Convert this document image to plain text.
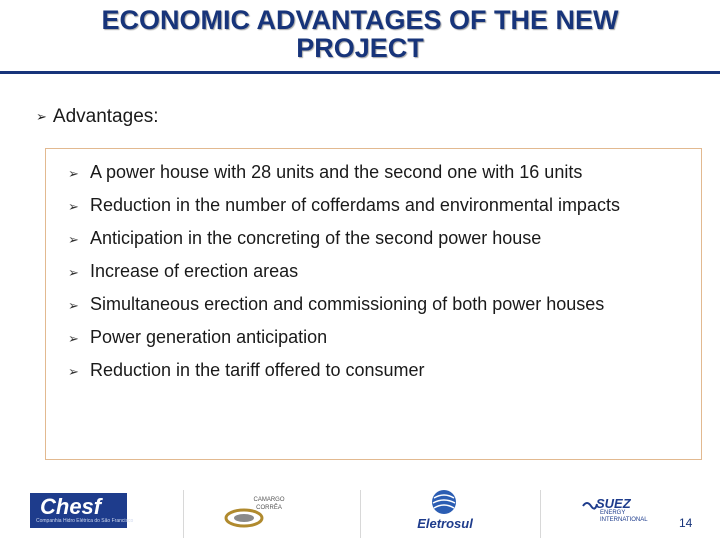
ECONOMIC ADVANTAGES OF THE NEW
PROJECT
➢ Advantages:
➢ A power house with 28 units and the second one with 16 units
➢ Reduction in the number of cofferdams and environmental impacts
➢ Anticipation in the concreting of the second power house
➢ Increase of erection areas
➢ Simultaneous erection and commissioning of both power houses
➢ Power generation anticipation
➢ Reduction in the tariff offered to consumer
Chesf
Companhia Hidro Elétrica do São Francisco
CAMARGO CORRÊA
Eletrosul
SUEZ
ENERGY INTERNATIONAL	14
